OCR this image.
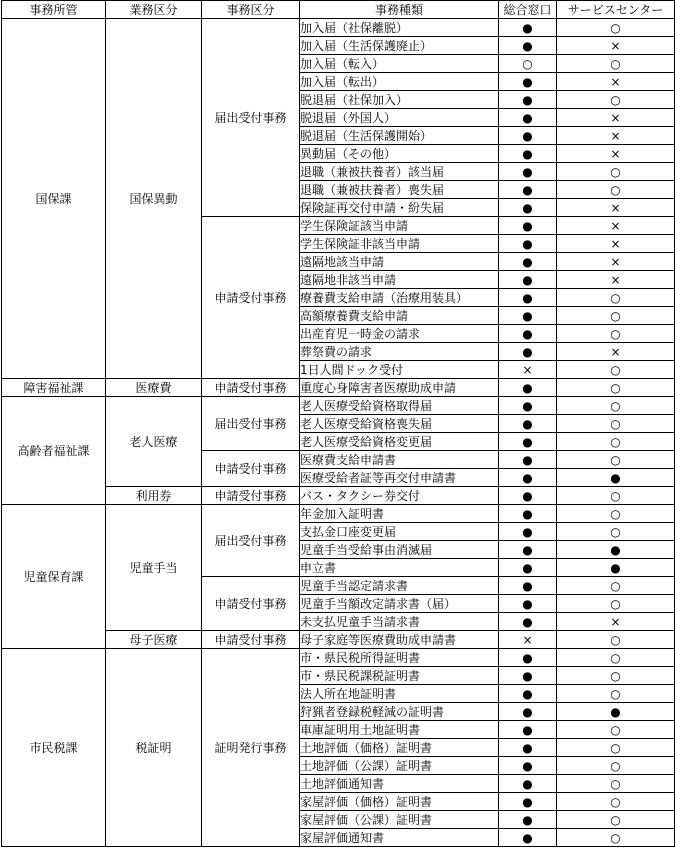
事務所管	業務区分	事務区分	事務種類	総合窓口	サービスセンター
国保課	国保異動	届出受付事務	加入届（社保離脱）	●	○
			加入届（生活保護廃止）	●	×
			加入届（転入）	○	○
			加入届（転出）	●	×
			脱退届（社保加入）	●	○
			脱退届（外国人）	●	×
			脱退届（生活保護開始）	●	×
			異動届（その他）	●	×
			退職（兼被扶養者）該当届	●	○
			退職（兼被扶養者）喪失届	●	○
			保険証再交付申請・紛失届	●	×
		申請受付事務	学生保険証該当申請	●	×
			学生保険証非該当申請	●	×
			遠隔地該当申請	●	×
			遠隔地非該当申請	●	×
			療養費支給申請（治療用装具）	●	○
			高額療養費支給申請	●	○
			出産育児一時金の請求	●	○
			葬祭費の請求	●	×
			1日人間ドック受付	×	○
障害福祉課	医療費	申請受付事務	重度心身障害者医療助成申請	●	○
高齢者福祉課	老人医療	届出受付事務	老人医療受給資格取得届	●	○
			老人医療受給資格喪失届	●	○
			老人医療受給資格変更届	●	○
		申請受付事務	医療費支給申請書	●	○
			医療受給者証等再交付申請書	●	●
	利用券	申請受付事務	バス・タクシー券交付	●	○
児童保育課	児童手当	届出受付事務	年金加入証明書	●	○
			支払金口座変更届	●	○
			児童手当受給事由消滅届	●	●
			申立書	●	●
		申請受付事務	児童手当認定請求書	●	○
			児童手当額改定請求書（届）	●	○
			未支払児童手当請求書	●	×
	母子医療	申請受付事務	母子家庭等医療費助成申請書	×	○
市民税課	税証明	証明発行事務	市・県民税所得証明書	●	○
			市・県民税課税証明書	●	○
			法人所在地証明書	●	○
			狩猟者登録税軽減の証明書	●	●
			車庫証明用土地証明書	●	○
			土地評価（価格）証明書	●	○
			土地評価（公課）証明書	●	○
			土地評価通知書	●	○
			家屋評価（価格）証明書	●	○
			家屋評価（公課）証明書	●	○
			家屋評価通知書	●	○
